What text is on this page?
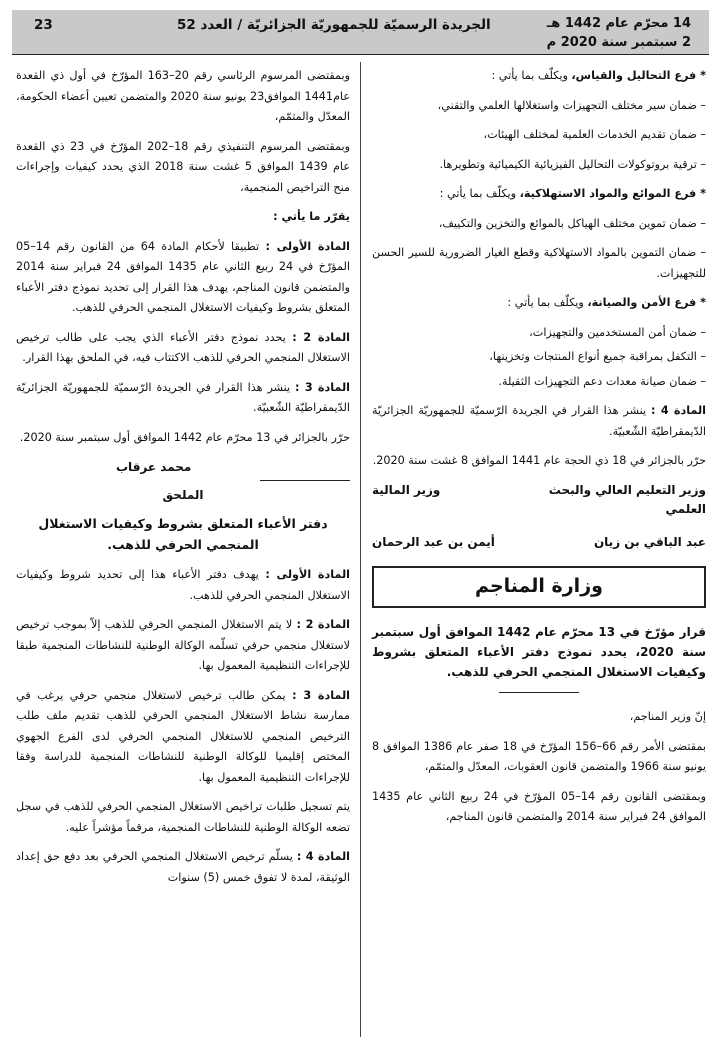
14 محرّم عام 1442 هـ
2 سبتمبر سنة 2020 م
الجريدة الرسميّة للجمهوريّة الجزائريّة / العدد 52
23

* فرع التحاليل والقياس، ويكلّف بما يأتي :

– ضمان سير مختلف التجهيزات واستغلالها العلمي والتقني،

– ضمان تقديم الخدمات العلمية لمختلف الهيئات،

– ترقية بروتوكولات التحاليل الفيزيائية الكيميائية وتطويرها.

* فرع الموائع والمواد الاستهلاكية، ويكلّف بما يأتي :

– ضمان تموين مختلف الهياكل بالموائع والتخزين والتكييف،

– ضمان التموين بالمواد الاستهلاكية وقطع الغيار الضرورية للسير الحسن للتجهيزات.

* فرع الأمن والصيانة، ويكلّف بما يأتي :

– ضمان أمن المستخدمين والتجهيزات،

– التكفل بمراقبة جميع أنواع المنتجات وتخزينها،

– ضمان صيانة معدات دعم التجهيزات الثقيلة.

المادة 4 : ينشر هذا القرار في الجريدة الرّسميّة للجمهوريّة الجزائريّة الدّيمقراطيّة الشّعبيّة.

حرّر بالجزائر في 18 ذي الحجة عام 1441 الموافق 8 غشت سنة 2020.

وزير التعليم العالي والبحث العلمي
وزير المالية
عبد الباقي بن زيان
أيمن بن عبد الرحمان
وزارة المناجم
قرار مؤرّخ في 13 محرّم عام 1442 الموافق أول سبتمبر سنة 2020، يحدد نموذج دفتر الأعباء المتعلق بشروط وكيفيات الاستغلال المنجمي الحرفي للذهب.

إنّ وزير المناجم،

بمقتضى الأمر رقم 66–156 المؤرّخ في 18 صفر عام 1386 الموافق 8 يونيو سنة 1966 والمتضمن قانون العقوبات، المعدّل والمتمّم،

وبمقتضى القانون رقم 14–05 المؤرّخ في 24 ربيع الثاني عام 1435 الموافق 24 فبراير سنة 2014 والمتضمن قانون المناجم،

وبمقتضى المرسوم الرئاسي رقم 20–163 المؤرّخ في أول ذي القعدة عام1441 الموافق23 يونيو سنة 2020 والمتضمن تعيين أعضاء الحكومة، المعدّل والمتمّم،

وبمقتضى المرسوم التنفيذي رقم 18–202 المؤرّخ في 23 ذي القعدة عام 1439 الموافق 5 غشت سنة 2018 الذي يحدد كيفيات وإجراءات منح التراخيص المنجمية،

يقرّر ما يأتي :

المادة الأولى : تطبيقا لأحكام المادة 64 من القانون رقم 14–05 المؤرّخ في 24 ربيع الثاني عام 1435 الموافق 24 فبراير سنة 2014 والمتضمن قانون المناجم، يهدف هذا القرار إلى تحديد نموذج دفتر الأعباء المتعلق بشروط وكيفيات الاستغلال المنجمي الحرفي للذهب.

المادة 2 : يحدد نموذج دفتر الأعباء الذي يجب على طالب ترخيص الاستغلال المنجمي الحرفي للذهب الاكتتاب فيه، في الملحق بهذا القرار.

المادة 3 : ينشر هذا القرار في الجريدة الرّسميّة للجمهوريّة الجزائريّة الدّيمقراطيّة الشّعبيّة.

حرّر بالجزائر في 13 محرّم عام 1442 الموافق أول سبتمبر سنة 2020.

محمد عرقاب
الملحق
دفتر الأعباء المتعلق بشروط وكيفيات الاستغلال المنجمي الحرفي للذهب.

المادة الأولى : يهدف دفتر الأعباء هذا إلى تحديد شروط وكيفيات الاستغلال المنجمي الحرفي للذهب.

المادة 2 : لا يتم الاستغلال المنجمي الحرفي للذهب إلاّ بموجب ترخيص لاستغلال منجمي حرفي تسلّمه الوكالة الوطنية للنشاطات المنجمية طبقا للإجراءات التنظيمية المعمول بها.

المادة 3 : يمكن طالب ترخيص لاستغلال منجمي حرفي يرغب في ممارسة نشاط الاستغلال المنجمي الحرفي للذهب تقديم ملف طلب الترخيص المنجمي للاستغلال المنجمي الحرفي لدى الفرع الجهوي المختص إقليميا للوكالة الوطنية للنشاطات المنجمية للدراسة وفقا للإجراءات التنظيمية المعمول بها.

يتم تسجيل طلبات تراخيص الاستغلال المنجمي الحرفي للذهب في سجل تضعه الوكالة الوطنية للنشاطات المنجمية، مرقماً مؤشراً عليه.

المادة 4 : يسلّم ترخيص الاستغلال المنجمي الحرفي بعد دفع حق إعداد الوثيقة، لمدة لا تفوق خمس (5) سنوات
